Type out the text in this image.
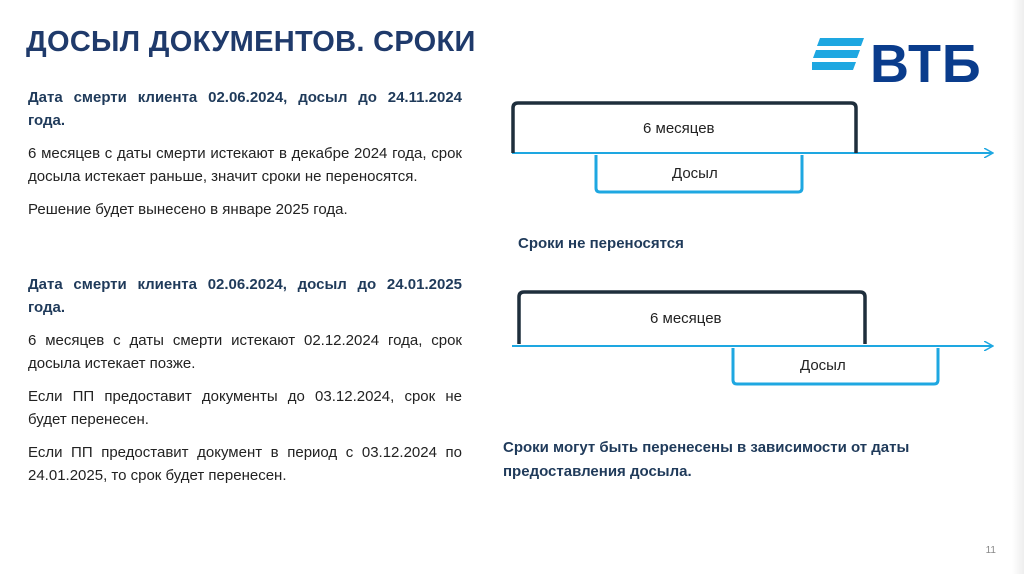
ДОСЫЛ ДОКУМЕНТОВ. СРОКИ	ВТБ

Дата смерти клиента 02.06.2024, досыл до 24.11.2024 года.

6 месяцев с даты смерти истекают в декабре 2024 года, срок досыла истекает раньше, значит сроки не переносятся.

Решение будет вынесено в январе 2025 года.

Дата смерти клиента 02.06.2024, досыл до 24.01.2025 года.

6 месяцев с даты смерти истекают 02.12.2024 года, срок досыла истекает позже.

Если ПП предоставит документы до 03.12.2024, срок не будет перенесен.

Если ПП предоставит документ в период с 03.12.2024 по 24.01.2025, то срок будет перенесен.

6 месяцев
Досыл
Сроки не переносятся
6 месяцев
Досыл
Сроки могут быть перенесены в зависимости от даты предоставления досыла.
11
